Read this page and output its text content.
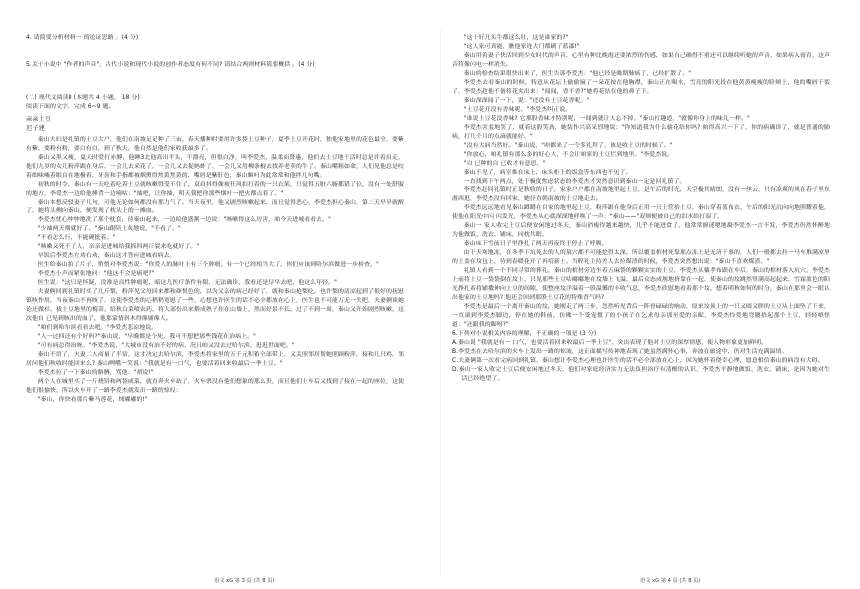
4. 请简要分析材料一 的论证思路 。(4 分)

5.关于小说中 "作者的声音"，古代小说和现代小说的创作者态度有何不同? 请结合两则材料简要概括 。(4 分)

(二) 现代文阅读Ⅱ (本题共 4 小题， 18 分)

阅读下面的文字，完成 6~9 题。

亲亲土豆

迟子建

秦山夫妇是礼镇的土豆大户，他们在南坡足足种了三亩，春天播种时要用许多袋土豆种子，夏季土豆开花时，独他家地里的花色最全，要紫有紫，要粉有粉，要白有白，到了秋天，他自然是他们家收获最多了。

秦山又黑又瘦，夏天时爱打赤膊，他睡3北他高出半头，不漂亮，但很白净，叫李爱杰，温柔而贤惠，他们去土豆地干活时总是并着肩走，他们九岁的女儿粉萍跟在身后，一会儿去采花了，一会儿又去捉蚂蚱了，一会儿又用柳条棍去找养老卖的牛了。秦山嘴粗如命，人们见他总是咬着细味嗑着眼自在地极着，牙齿和手指都被烟熏得焦黄焦黄的，嘴唇是紫肝色，秦山顺叼为此常常和他拌几句嘴。

初秋的时令，秦山有一天吃着吃着土豆就咳嗽得受不住了，双肩抖得像被狂风扣打着的一只衣架，只觉得五脏六腑都错了位，没有一处舒服的地方，李爱杰一边给他捶背一边嘀咕："抽吧，让你抽，明天我把你那些烟叶一把火都点着了。"

秦山本想反驳妻子几句，可他无论如何都没有那力气了。当天夜里，他又剧烈咳嗽起来，而且觉得恶心。李爱杰担心秦山，第二天早早就醒了，她将头侧向秦山，便发现了枕头上的一摊血。

李爱杰忧心忡忡地洗了那个枕套，待秦山起来，一边给他盛粥一边说："咳嗽得这么厉害，咱今天进城看看去。"

"少抽两天烟就好了。"秦山跟陪土灰地说，"不看了。"

"不看怎么行，不能硬挺着。"

"咳嗽又死不了人，亲亲是进城给我抓四两斤裂来吃就好了。"

早饭后李爱杰左劝右劝，秦山这才答应进城看病去。

医生给秦山拍了片子，悄悄对李爱杰说："你爱人的肺叶上有三个肿瘤，有一个已经相当大了。你们应该到哈尔滨做进一步检查。"

李爱杰小声而紧张地问："他这不会是癌吧?"

医生说："这只是怀疑，没准是良性肿瘤呢，暗这儿医疗条件有限，无法确诊，我看还是尽早去吧，他这么年轻。"

夫妻俩回到礼镇时买了几斤梨，粉萍见父母回来都和颜悦色的，以为父亲的病已经好了，就和秦山抢梨吃。也许梨的清凉起到了很好的抚慰镇咳作用，当夜秦山不再咳了，这使李爱杰的心稍稍宽慰了一些，心想也许医生的话不必全都放在心上，医生也不可能万无一失吧，夫妻俩谈她论还做衫，拔土豆地里的梅蒂，给秋白菜喷农药，将大部份出来煨成熟子挂在山墙上，然而好景不长，过了不到一周，秦山又开始剧烈咳嗽，这次他自 已见到咳出的血了，他那蒙情斜木得像铺像人。

"咱们到哈尔滨看看去吧。"李爱杰悲凉地说。

"人一过四还有个好吗?"秦山说，"早晚都是个死，我可不想把那些钱花在治病上。"

"可有病总得治呀。"李爱杰说，"大城市没有治不好的病，况且咱又没去过哈尔滨，逛逛世面吧。"

秦山不语了，夫妻二人商量了半宿，这才决定去哈尔滨，李爱杰将家里的五千元积蓄全部带上，又关照邻居帮她照顾粉萍，接和几只鸡，邻居问他们秋收时能回来么? 秦山咧嘴一笑说："我就是有一口气，也要活着回来收最后一季土豆。"

李爱杰拉了一下秦山的胳膊，骂他："胡说!"

两个人在城里买了一斤烧饼和两袋咸菜，就直奔火车站了，火车票没有他们想象的那么贵，而且他们上车后又找到了接在一起的座位，这使他们很愉快，所以火车开了一路李爱杰就发出一路的惊叹：

"秦山，你快看那片紫马莲花，绒嘟嘟的!"

"这十好几头牛都这么壮，这是谁家的?"

"这人家可真能，瞧他家连大门都刷了蓝漆!"

秦山用着妻子快活回到少女时代的声音，心里有种比晚霞还要浓烈的伤感，如果自己确得不重还可以继续听她的声音，如果病入膏育，这声音将像闪电一样消失。

秦山的检查结果很快出来了，医生告诉李爱杰："他已经是晚期肺癌了，已经扩散了。"

李爱杰去看秦山的时候，特意从花坛上偷偷摘了一朵花按在他胸襟，秦山正在喝水，雪亮的阳光投在他黄黄瘦瘦的脸颊上，他的嘴唇干裂了，李爱杰趁他不备将花夹出来："闻闻，香不香?"她将花拈在他的鼻子下。

秦山深深闻了一下，说："还没有土豆花香呢。"

"土豆花开没有香味呢。"李爱杰纠正说。

"谁说土豆花没香味? 它那股香味才特别呢，一闻到就让人忘不掉。"秦山打趣道，"就像你身上的味儿一样。"

李爱杰害羞地笑了，就着这股笑劲，她装作兴高采烈地说："你知道我为什么偷花给你吗? 咱得高兴一下了，你的病确诊了，就是普通的肺病，打几个月的点滴就能好。"

"没有大病当然好。"秦山说，"咱都来了一个多礼拜了，该是收土豆的时候了。"

"你放心，咱礼镇有那么多的好心人，不会让咱家的土豆烂到地里。"李爱杰说。

"自 已种的自 已收才有意思。"

秦山不见了，病室推在床上，床头柜上的饭盒等东西也不见了。

一直找到下午两点，处于极度焦虑状态的李爱杰才突然意识到秦山一定是回礼镇了。

李爱杰赶回礼镇时正是秋收的日子，家家户户都在南坡地里起土豆，是午后的时光，天空极其晴朗，没有一丝云，只有凉爽的风在春子里东游西逛，李爱杰没有回家，她径直朝南坡的土豆地走去。

李爱杰远远地看见秦山蹲蹲在自家的地里起土豆，粉萍跟在他身后正用一只土筐拾土豆，秦山穿着蓝布衣，午后的阳光沉向向地照耀着他，使他在阳光中闪 闪发光，李爱杰从心底深深地呼唤了一声："秦山——"双颊便被自己的泪水给打湿了。

秦山一 家人收完土豆后便安闲地过冬天，秦山消瘦得越来越快，几乎不能进食了，他常常握迷嗯地凝李爱杰一言不发，李爱杰仍然怀醉地为他做饭、洗衣、铺床，同枕共眠。

秦山床下雪前日子里挣扎了两天再夜终于停止了呼吸。

由于天寒地冻，在冬季下坑死去的人的墓穴都不可能挖得太深，所以覆盖棺材死靠那点冻土是无济于事的，人们一般都去拉一马车堆满凉里的土盖在坟包上，待到春暖花开了再培新土。当粹礼主持差人去拉煤渣的时候，李爱杰突然想出说："秦山不喜欢煤渣。"

礼镇人看到一个不同寻常的葬礼，秦山的棺材旁边坐着五麻袋的颗颗实实的土豆，李爱杰头戴孝布跟在车后，秦山的棺材落入坑穴，李爱杰上前将土豆一袋袋倒在坟上，只见那些土豆咕嘟嘟地在坟墙上飞溢，最后众态成规地挤靠在一起，使秦山的坟跳然竖满高起起来，雪霜蓝色的阳光挣扎着将铺撒伸向土豆的间隙，使整座坟洋溢着一股温馨的丰收气息，李爱杰欣慰地看着那个坟，想着明秋如何的时分，秦山在那里会一眼认出他家的土豆地吗? 他还会回到那股土豆花的特殊香气吗?

李爱杰是最后一个离开秦山的坟，她刚走了两三步，忽然听见背后一阵骨碌碌的响动，原来坟顶上的一只又圆又胖的土豆从上面坠了下来，一直滚到李爱杰脚边，停在她的鞋前，仿佛一个受宠惯了的小孩子在乞求母亲那至爱的亲昵，李爱杰怜爱地弯腰拾起那个土豆，轻轻嗔怪道："还跟我的脚呀?"

6.下列对小说相关内容的理解，不正确的一项是 (3 分)

A.秦山说 "我就是有一 口气，也要活着回来收最后一季土豆"，突出表现了他对土豆的深厚情感，使人物形象更加鲜明。

B.李爱杰在去哈尔滨的火车上发出一路的惊流，这正面描写传神地表现了她虽然满怀心事，奔波在旅途中，仍对生活充满温情。

C.夫妻俩第一次看完病回到礼镇，秦山想让李爱杰心理也许医生的话不必全部放在心上，因为她怀着侥幸心理，愿意相信秦山的病没有大碍。

D.秦山一家人收完土豆后便安闲地过冬天，他们对家庭经济实力无法负担治疗有清醒的认识，李爱杰平静地做饭、洗衣、铺床，是因为她对生活已经绝望了。

语文 xG 第 3 页 (共 8 页)	语文 xG 第 4 页 (共 8 页)
